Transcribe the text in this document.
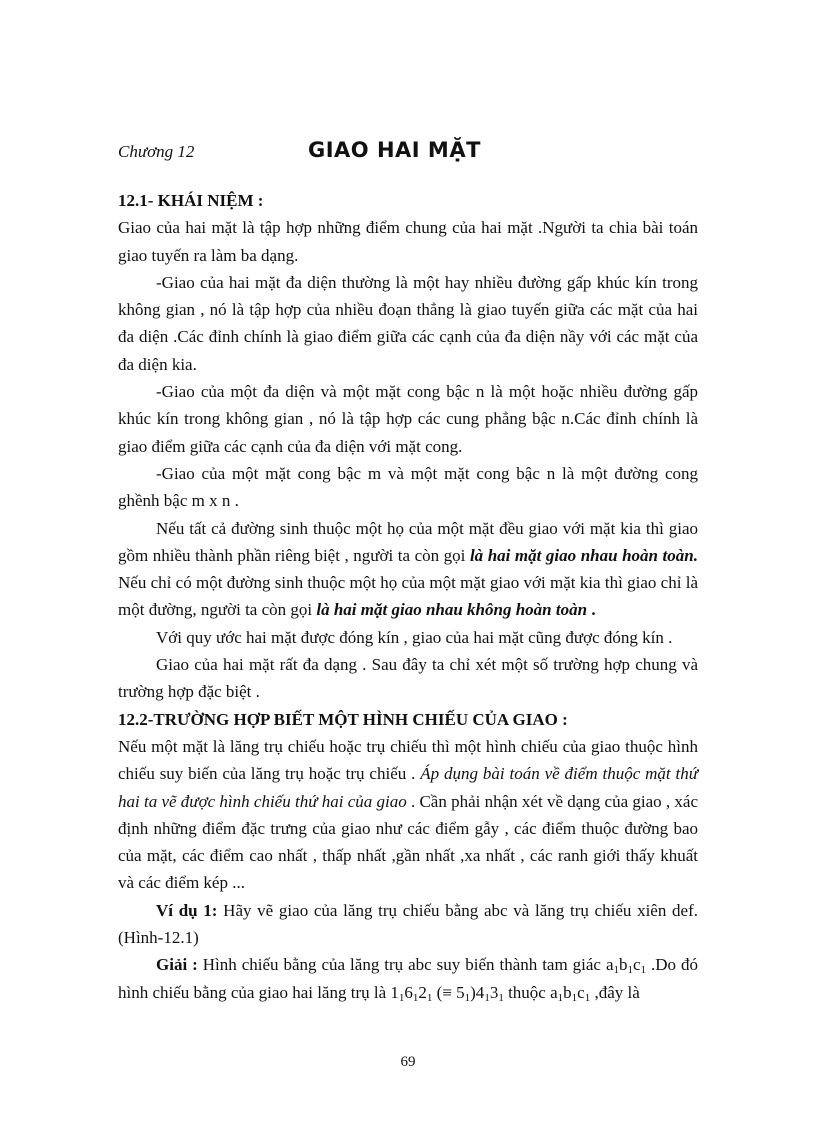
Chương 12	GIAO HAI MẶT

12.1- KHÁI NIỆM :

Giao của hai mặt là tập hợp những điểm chung của hai mặt .Người ta chia bài toán giao tuyến ra làm ba dạng.

-Giao của hai mặt đa diện thường là một hay nhiều đường gấp khúc kín trong không gian , nó là tập hợp của nhiều đoạn thẳng là giao tuyến giữa các mặt của hai đa diện .Các đỉnh chính là giao điểm giữa các cạnh của đa diện nầy với các mặt của đa diện kia.

-Giao của một đa diện và một mặt cong bậc n là một hoặc nhiều đường gấp khúc kín trong không gian , nó là tập hợp các cung phẳng bậc n.Các đỉnh chính là giao điểm giữa các cạnh của đa diện với mặt cong.

-Giao của một mặt cong bậc m và một mặt cong bậc n là một đường cong ghềnh bậc m x n .

Nếu tất cả đường sinh thuộc một họ của một mặt đều giao với mặt kia thì giao gồm nhiều thành phần riêng biệt , người ta còn gọi là hai mặt giao nhau hoàn toàn. Nếu chỉ có một đường sinh thuộc một họ của một mặt giao với mặt kia thì giao chỉ là một đường, người ta còn gọi là hai mặt giao nhau không hoàn toàn .

Với quy ước hai mặt được đóng kín , giao của hai mặt cũng được đóng kín .

Giao của hai mặt rất đa dạng . Sau đây ta chỉ xét một số trường hợp chung và trường hợp đặc biệt .

12.2-TRƯỜNG HỢP BIẾT MỘT HÌNH CHIẾU CỦA GIAO :

Nếu một mặt là lăng trụ chiếu hoặc trụ chiếu thì một hình chiếu của giao thuộc hình chiếu suy biến của lăng trụ hoặc trụ chiếu . Áp dụng bài toán về điểm thuộc mặt thứ hai ta vẽ được hình chiếu thứ hai của giao . Cần phải nhận xét về dạng của giao , xác định những điểm đặc trưng của giao như các điểm gẫy , các điểm thuộc đường bao của mặt, các điểm cao nhất , thấp nhất ,gần nhất ,xa nhất , các ranh giới thấy khuất và các điểm kép ...

Ví dụ 1: Hãy vẽ giao của lăng trụ chiếu bằng abc và lăng trụ chiếu xiên def. (Hình-12.1)

Giải : Hình chiếu bằng của lăng trụ abc suy biến thành tam giác $a_1b_1c_1$ .Do đó hình chiếu bằng của giao hai lăng trụ là $1_16_12_1$ (≡ $5_1)4_13_1$ thuộc $a_1b_1c_1$ ,đây là

69
